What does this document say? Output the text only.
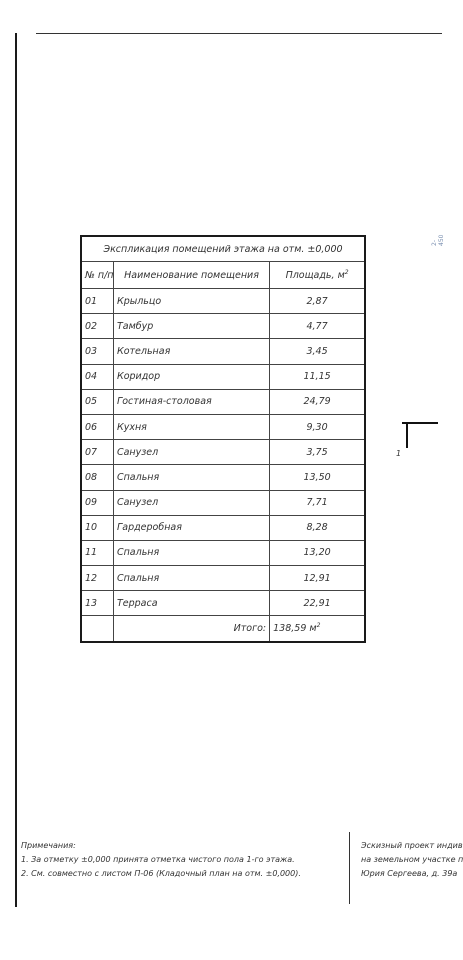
Экспликация помещений этажа на отм. ±0,000		
№ п/п	Наименование помещения	Площадь, $м^2$
01	Крыльцо	2,87
02	Тамбур	4,77
03	Котельная	3,45
04	Коридор	11,15
05	Гостиная-столовая	24,79
06	Кухня	9,30
07	Санузел	3,75
08	Спальня	13,50
09	Санузел	7,71
10	Гардеробная	8,28
11	Спальня	13,20
12	Спальня	12,91
13	Терраса	22,91
	Итого:	138,59 $м^2$
1
2-450
Примечания:
1. За отметку ±0,000 принята отметка чистого пола 1-го этажа.
2. См. совместно с листом П-06 (Кладочный план на отм. ±0,000).
Эскизный проект индив
на земельном участке п
Юрия Сергеева, д. 39а
